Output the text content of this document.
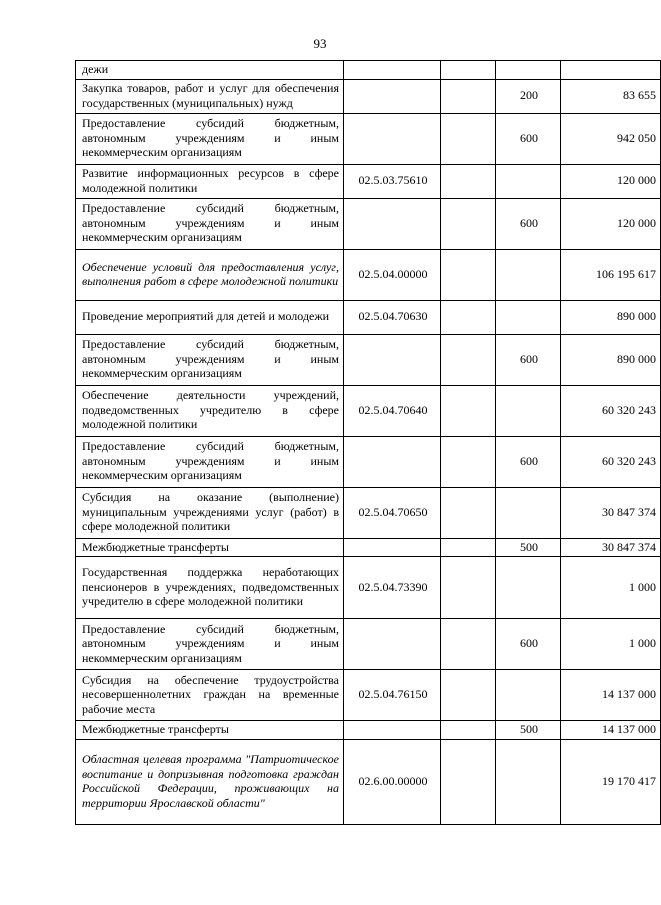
93
дежи				
Закупка товаров, работ и услуг для обеспечения государственных (муниципальных) нужд			200	83 655
Предоставление субсидий бюджетным, автономным учреждениям и иным некоммерческим организациям			600	942 050
Развитие информационных ресурсов в сфере молодежной политики	02.5.03.75610			120 000
Предоставление субсидий бюджетным, автономным учреждениям и иным некоммерческим организациям			600	120 000
Обеспечение условий для предоставления услуг, выполнения работ в сфере молодежной политики	02.5.04.00000			106 195 617
Проведение мероприятий для детей и молодежи	02.5.04.70630			890 000
Предоставление субсидий бюджетным, автономным учреждениям и иным некоммерческим организациям			600	890 000
Обеспечение деятельности учреждений, подведомственных учредителю в сфере молодежной политики	02.5.04.70640			60 320 243
Предоставление субсидий бюджетным, автономным учреждениям и иным некоммерческим организациям			600	60 320 243
Субсидия на оказание (выполнение) муниципальным учреждениями услуг (работ) в сфере молодежной политики	02.5.04.70650			30 847 374
Межбюджетные трансферты			500	30 847 374
Государственная поддержка неработающих пенсионеров в учреждениях, подведомственных учредителю в сфере молодежной политики	02.5.04.73390			1 000
Предоставление субсидий бюджетным, автономным учреждениям и иным некоммерческим организациям			600	1 000
Субсидия на обеспечение трудоустройства несовершеннолетних граждан на временные рабочие места	02.5.04.76150			14 137 000
Межбюджетные трансферты			500	14 137 000
Областная целевая программа "Патриотическое воспитание и допризывная подготовка граждан Российской Федерации, проживающих на территории Ярославской области"	02.6.00.00000			19 170 417
